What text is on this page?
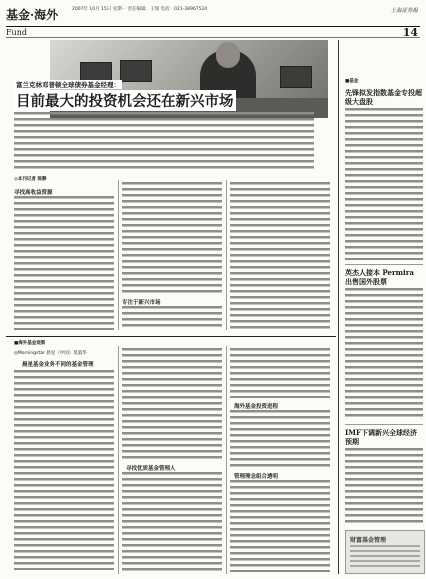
基金·海外	2007年 10月 15日 星期一 责任编辑：王瑞 电话：021-38967524	上海证券报
Fund	14
富兰克林邓普顿全球债券基金经理：
目前最大的投资机会还在新兴市场
◎本刊记者 陈静
寻找高收益资源
专注于新兴市场
■海外基金观察
◎Morningstar 晨星（中国）莫淑华
晨星基金业务不同的基金管理
寻找优质基金管理人
海外基金投资进程
管理理念组合透明
■基金
先锋拟发指数基金专投超级大盘股
英杰人接本 Permira 出售国外股票
IMF下调新兴全球经济预期
财富基金管理
